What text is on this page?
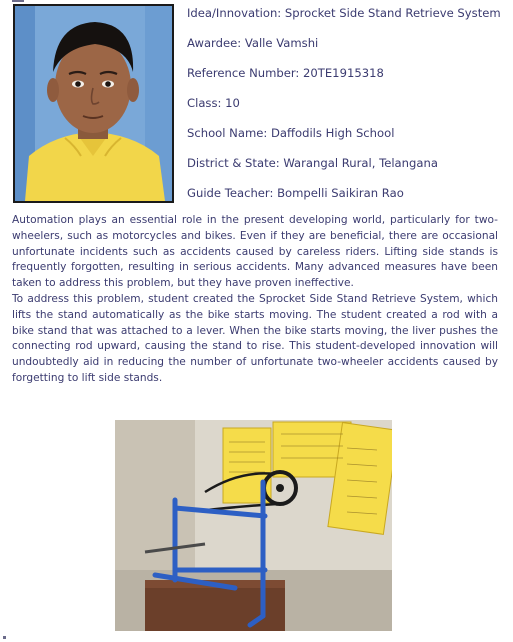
Idea/Innovation: Sprocket Side Stand Retrieve System
Awardee: Valle Vamshi
Reference Number: 20TE1915318
Class: 10
School Name: Daffodils High School
District & State: Warangal Rural, Telangana
Guide Teacher: Bompelli Saikiran Rao

Automation plays an essential role in the present developing world, particularly for two-wheelers, such as motorcycles and bikes. Even if they are beneficial, there are occasional unfortunate incidents such as accidents caused by careless riders. Lifting side stands is frequently forgotten, resulting in serious accidents. Many advanced measures have been taken to address this problem, but they have proven ineffective.

To address this problem, student created the Sprocket Side Stand Retrieve System, which lifts the stand automatically as the bike starts moving. The student created a rod with a bike stand that was attached to a lever. When the bike starts moving, the liver pushes the connecting rod upward, causing the stand to rise. This student-developed innovation will undoubtedly aid in reducing the number of unfortunate two-wheeler accidents caused by forgetting to lift side stands.
